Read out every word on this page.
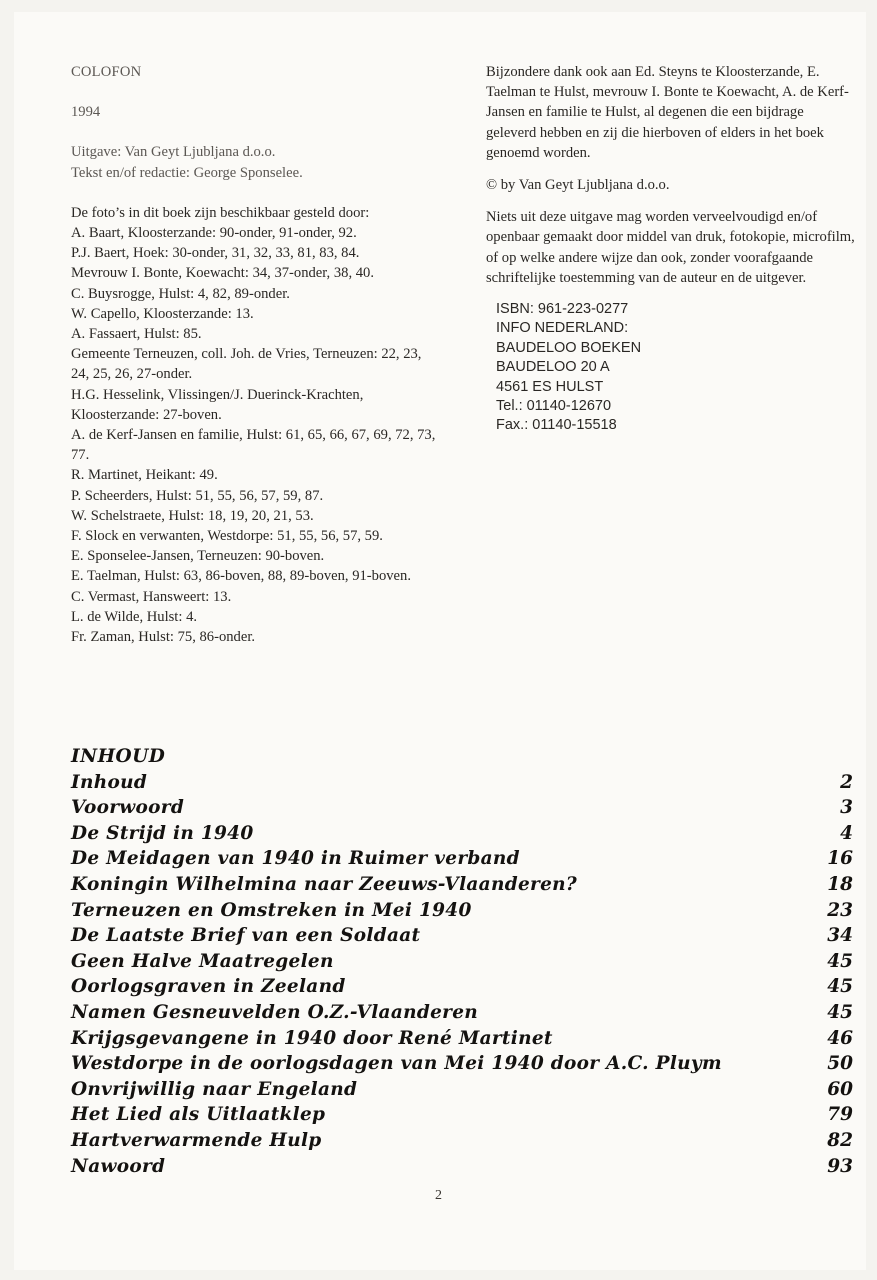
COLOFON

1994

Uitgave: Van Geyt Ljubljana d.o.o.

Tekst en/of redactie: George Sponselee.

De foto’s in dit boek zijn beschikbaar gesteld door:

A. Baart, Kloosterzande: 90-onder, 91-onder, 92.

P.J. Baert, Hoek: 30-onder, 31, 32, 33, 81, 83, 84.

Mevrouw I. Bonte, Koewacht: 34, 37-onder, 38, 40.

C. Buysrogge, Hulst: 4, 82, 89-onder.

W. Capello, Kloosterzande: 13.

A. Fassaert, Hulst: 85.

Gemeente Terneuzen, coll. Joh. de Vries, Terneuzen: 22, 23, 24, 25, 26, 27-onder.

H.G. Hesselink, Vlissingen/J. Duerinck-Krachten, Kloosterzande: 27-boven.

A. de Kerf-Jansen en familie, Hulst: 61, 65, 66, 67, 69, 72, 73, 77.

R. Martinet, Heikant: 49.

P. Scheerders, Hulst: 51, 55, 56, 57, 59, 87.

W. Schelstraete, Hulst: 18, 19, 20, 21, 53.

F. Slock en verwanten, Westdorpe: 51, 55, 56, 57, 59.

E. Sponselee-Jansen, Terneuzen: 90-boven.

E. Taelman, Hulst: 63, 86-boven, 88, 89-boven, 91-boven.

C. Vermast, Hansweert: 13.

L. de Wilde, Hulst: 4.

Fr. Zaman, Hulst: 75, 86-onder.

Bijzondere dank ook aan Ed. Steyns te Kloosterzande, E. Taelman te Hulst, mevrouw I. Bonte te Koewacht, A. de Kerf-Jansen en familie te Hulst, al degenen die een bijdrage geleverd hebben en zij die hierboven of elders in het boek genoemd worden.

© by Van Geyt Ljubljana d.o.o.

Niets uit deze uitgave mag worden verveelvoudigd en/of openbaar gemaakt door middel van druk, fotokopie, microfilm, of op welke andere wijze dan ook, zonder voorafgaande schriftelijke toestemming van de auteur en de uitgever.

ISBN: 961-223-0277

INFO NEDERLAND:

BAUDELOO BOEKEN

BAUDELOO 20 A

4561 ES HULST

Tel.: 01140-12670

Fax.: 01140-15518

INHOUD
Inhoud	2
Voorwoord	3
De Strijd in 1940	4
De Meidagen van 1940 in Ruimer verband	16
Koningin Wilhelmina naar Zeeuws-Vlaanderen?	18
Terneuzen en Omstreken in Mei 1940	23
De Laatste Brief van een Soldaat	34
Geen Halve Maatregelen	45
Oorlogsgraven in Zeeland	45
Namen Gesneuvelden O.Z.-Vlaanderen	45
Krijgsgevangene in 1940 door René Martinet	46
Westdorpe in de oorlogsdagen van Mei 1940 door A.C. Pluym	50
Onvrijwillig naar Engeland	60
Het Lied als Uitlaatklep	79
Hartverwarmende Hulp	82
Nawoord	93
2
